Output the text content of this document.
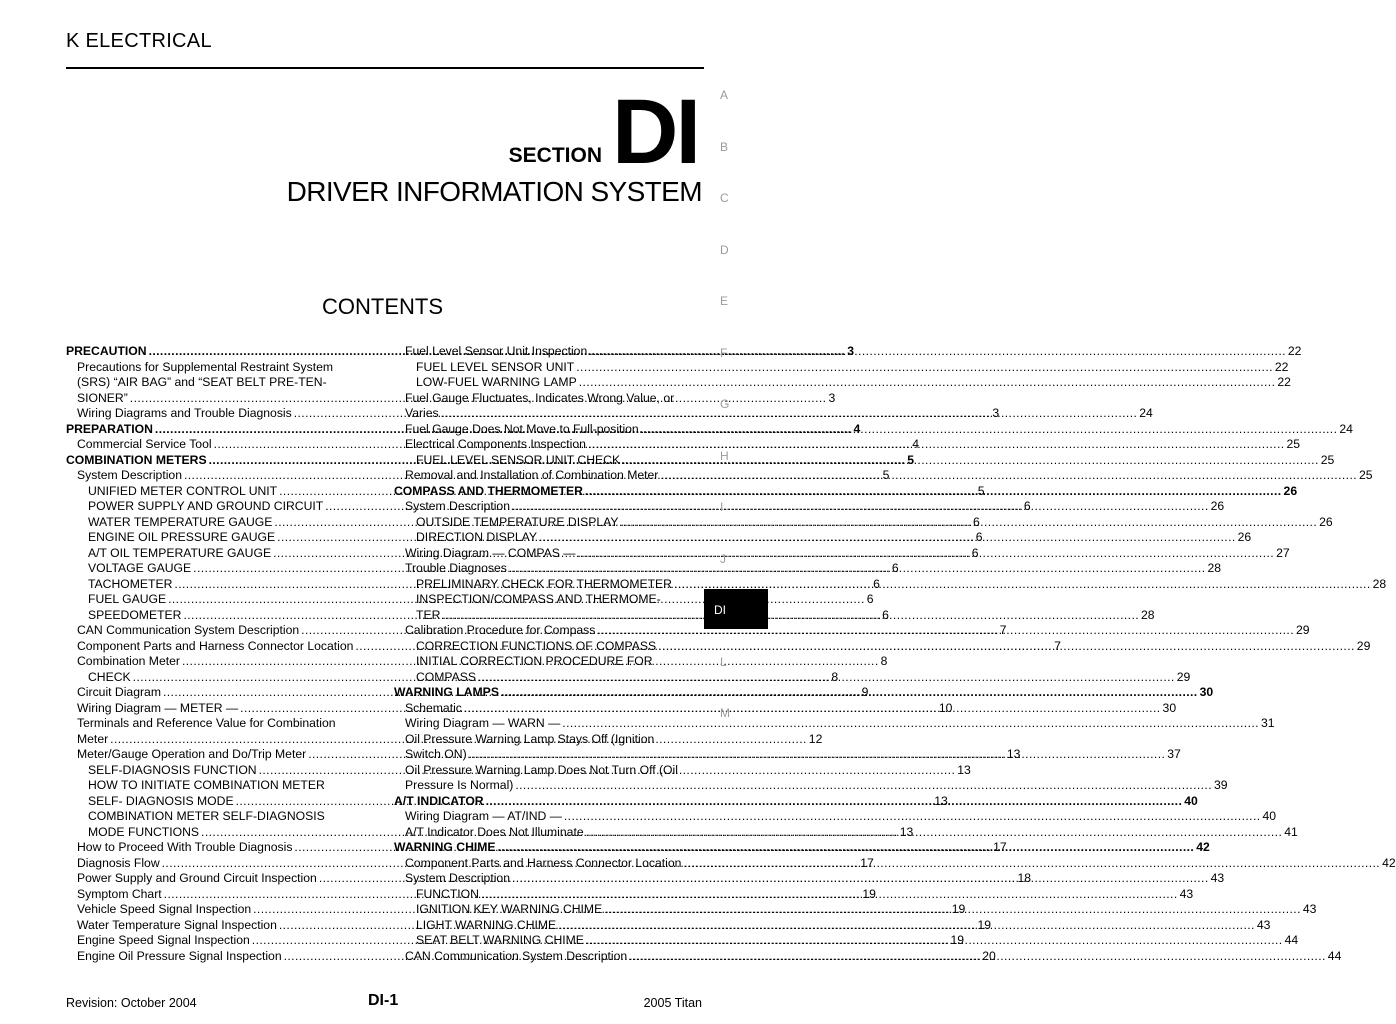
K ELECTRICAL
SECTION DI
DRIVER INFORMATION SYSTEM
CONTENTS
PRECAUTION .....	3
Precautions for Supplemental Restraint System
(SRS) “AIR BAG” and “SEAT BELT PRE-TEN-
SIONER” .....	3
Wiring Diagrams and Trouble Diagnosis .....	3
PREPARATION .....	4
Commercial Service Tool .....	4
COMBINATION METERS .....	5
System Description .....	5
UNIFIED METER CONTROL UNIT .....	5
POWER SUPPLY AND GROUND CIRCUIT .....	6
WATER TEMPERATURE GAUGE .....	6
ENGINE OIL PRESSURE GAUGE .....	6
A/T OIL TEMPERATURE GAUGE .....	6
VOLTAGE GAUGE .....	6
TACHOMETER .....	6
FUEL GAUGE .....	6
SPEEDOMETER .....	6
CAN Communication System Description .....	7
Component Parts and Harness Connector Location .....	7
Combination Meter .....	8
CHECK .....	8
Circuit Diagram .....	9
Wiring Diagram — METER — .....	10
Terminals and Reference Value for Combination
Meter .....	12
Meter/Gauge Operation and Do/Trip Meter .....	13
SELF-DIAGNOSIS FUNCTION .....	13
HOW TO INITIATE COMBINATION METER
SELF- DIAGNOSIS MODE .....	13
COMBINATION METER SELF-DIAGNOSIS
MODE FUNCTIONS .....	13
How to Proceed With Trouble Diagnosis .....	17
Diagnosis Flow .....	17
Power Supply and Ground Circuit Inspection .....	18
Symptom Chart .....	19
Vehicle Speed Signal Inspection .....	19
Water Temperature Signal Inspection .....	19
Engine Speed Signal Inspection .....	19
Engine Oil Pressure Signal Inspection .....	20
Fuel Level Sensor Unit Inspection .....	22
FUEL LEVEL SENSOR UNIT .....	22
LOW-FUEL WARNING LAMP .....	22
Fuel Gauge Fluctuates, Indicates Wrong Value, or
Varies .....	24
Fuel Gauge Does Not Move to Full-position .....	24
Electrical Components Inspection .....	25
FUEL LEVEL SENSOR UNIT CHECK .....	25
Removal and Installation of Combination Meter .....	25
COMPASS AND THERMOMETER .....	26
System Description .....	26
OUTSIDE TEMPERATURE DISPLAY .....	26
DIRECTION DISPLAY .....	26
Wiring Diagram — COMPAS — .....	27
Trouble Diagnoses .....	28
PRELIMINARY CHECK FOR THERMOMETER .....	28
INSPECTION/COMPASS AND THERMOME-
TER .....	28
Calibration Procedure for Compass .....	29
CORRECTION FUNCTIONS OF COMPASS .....	29
INITIAL CORRECTION PROCEDURE FOR
COMPASS .....	29
WARNING LAMPS .....	30
Schematic .....	30
Wiring Diagram — WARN — .....	31
Oil Pressure Warning Lamp Stays Off (Ignition
Switch ON) .....	37
Oil Pressure Warning Lamp Does Not Turn Off (Oil
Pressure Is Normal) .....	39
A/T INDICATOR .....	40
Wiring Diagram — AT/IND — .....	40
A/T Indicator Does Not Illuminate .....	41
WARNING CHIME .....	42
Component Parts and Harness Connector Location .....	42
System Description .....	43
FUNCTION .....	43
IGNITION KEY WARNING CHIME .....	43
LIGHT WARNING CHIME .....	43
SEAT BELT WARNING CHIME .....	44
CAN Communication System Description .....	44
A
B
C
D
E
F
G
H
I
J
DI
L
M
Revision: October 2004	DI-1	2005 Titan
